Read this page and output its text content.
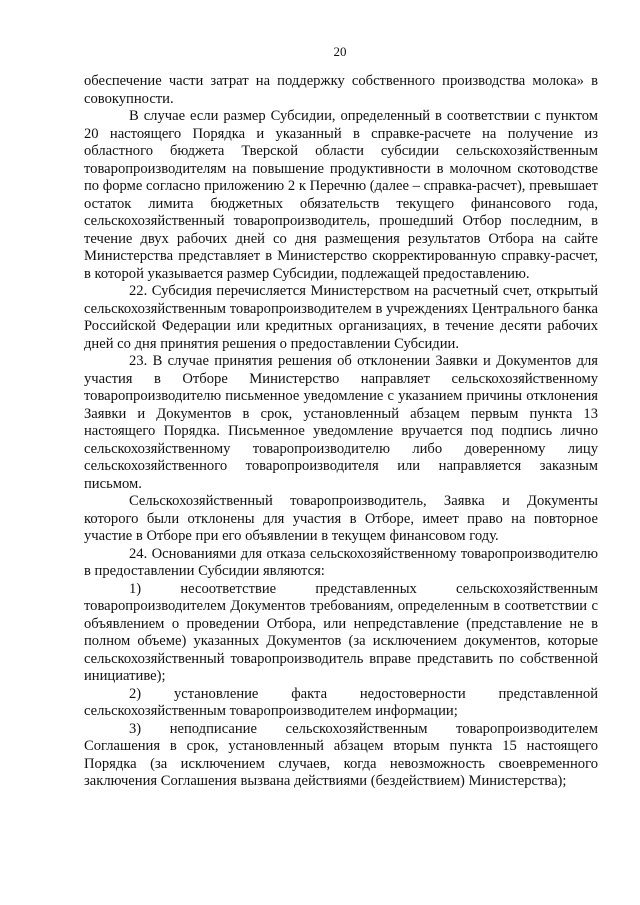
20

обеспечение части затрат на поддержку собственного производства молока» в совокупности.

В случае если размер Субсидии, определенный в соответствии с пунктом 20 настоящего Порядка и указанный в справке-расчете на получение из областного бюджета Тверской области субсидии сельскохозяйственным товаропроизводителям на повышение продуктивности в молочном скотоводстве по форме согласно приложению 2 к Перечню (далее – справка-расчет), превышает остаток лимита бюджетных обязательств текущего финансового года, сельскохозяйственный товаропроизводитель, прошедший Отбор последним, в течение двух рабочих дней со дня размещения результатов Отбора на сайте Министерства представляет в Министерство скорректированную справку-расчет, в которой указывается размер Субсидии, подлежащей предоставлению.

22. Субсидия перечисляется Министерством на расчетный счет, открытый сельскохозяйственным товаропроизводителем в учреждениях Центрального банка Российской Федерации или кредитных организациях, в течение десяти рабочих дней со дня принятия решения о предоставлении Субсидии.

23. В случае принятия решения об отклонении Заявки и Документов для участия в Отборе Министерство направляет сельскохозяйственному товаропроизводителю письменное уведомление с указанием причины отклонения Заявки и Документов в срок, установленный абзацем первым пункта 13 настоящего Порядка. Письменное уведомление вручается под подпись лично сельскохозяйственному товаропроизводителю либо доверенному лицу сельскохозяйственного товаропроизводителя или направляется заказным письмом.

Сельскохозяйственный товаропроизводитель, Заявка и Документы которого были отклонены для участия в Отборе, имеет право на повторное участие в Отборе при его объявлении в текущем финансовом году.

24. Основаниями для отказа сельскохозяйственному товаропроизводителю в предоставлении Субсидии являются:

1) несоответствие представленных сельскохозяйственным товаропроизводителем Документов требованиям, определенным в соответствии с объявлением о проведении Отбора, или непредставление (представление не в полном объеме) указанных Документов (за исключением документов, которые сельскохозяйственный товаропроизводитель вправе представить по собственной инициативе);

2) установление факта недостоверности представленной сельскохозяйственным товаропроизводителем информации;

3) неподписание сельскохозяйственным товаропроизводителем Соглашения в срок, установленный абзацем вторым пункта 15 настоящего Порядка (за исключением случаев, когда невозможность своевременного заключения Соглашения вызвана действиями (бездействием) Министерства);
